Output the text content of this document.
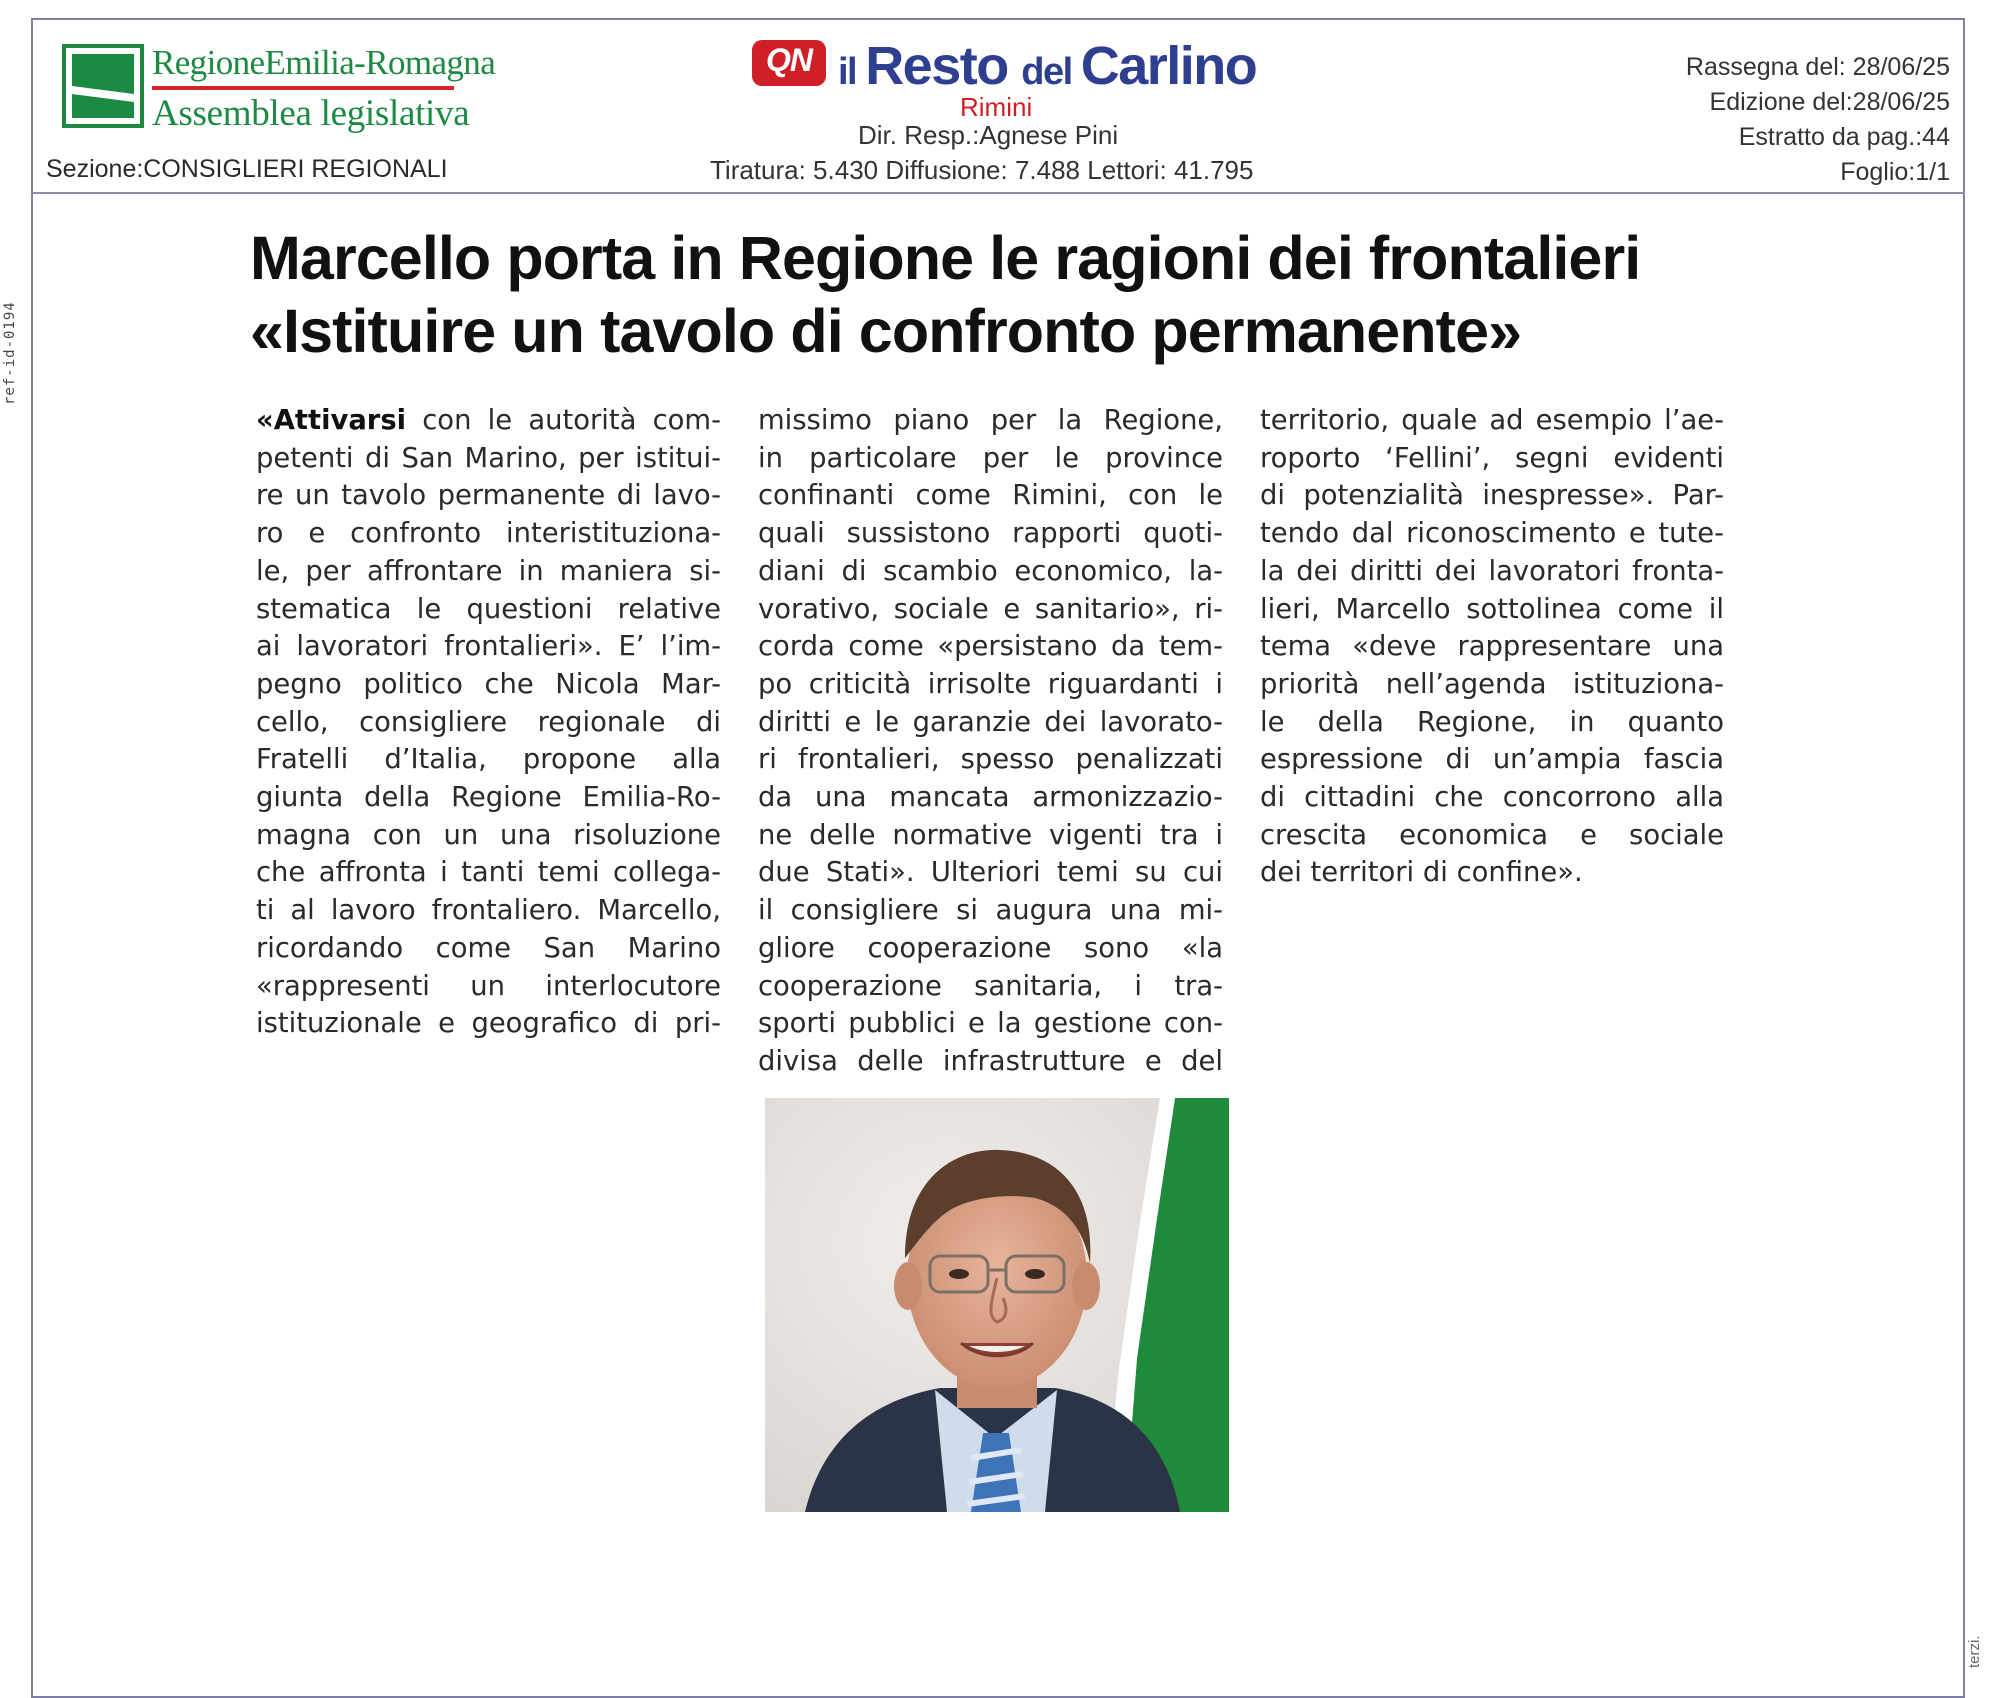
ref-id-0194
terzi.
RegioneEmilia-Romagna
Assemblea legislativa
Sezione:CONSIGLIERI REGIONALI
QN il Resto del Carlino
Rimini
Dir. Resp.:Agnese Pini
Tiratura: 5.430 Diffusione: 7.488 Lettori: 41.795
Rassegna del: 28/06/25
Edizione del:28/06/25
Estratto da pag.:44
Foglio:1/1
Marcello porta in Regione le ragioni dei frontalieri
«Istituire un tavolo di confronto permanente»
«Attivarsi con le autorità com-
petenti di San Marino, per istitui-
re un tavolo permanente di lavo-
ro e confronto interistituziona-
le, per affrontare in maniera si-
stematica le questioni relative
ai lavoratori frontalieri». E’ l’im-
pegno politico che Nicola Mar-
cello, consigliere regionale di
Fratelli d’Italia, propone alla
giunta della Regione Emilia-Ro-
magna con un una risoluzione
che affronta i tanti temi collega-
ti al lavoro frontaliero. Marcello,
ricordando come San Marino
«rappresenti un interlocutore
istituzionale e geografico di pri-
missimo piano per la Regione,
in particolare per le province
confinanti come Rimini, con le
quali sussistono rapporti quoti-
diani di scambio economico, la-
vorativo, sociale e sanitario», ri-
corda come «persistano da tem-
po criticità irrisolte riguardanti i
diritti e le garanzie dei lavorato-
ri frontalieri, spesso penalizzati
da una mancata armonizzazio-
ne delle normative vigenti tra i
due Stati». Ulteriori temi su cui
il consigliere si augura una mi-
gliore cooperazione sono «la
cooperazione sanitaria, i tra-
sporti pubblici e la gestione con-
divisa delle infrastrutture e del
territorio, quale ad esempio l’ae-
roporto ‘Fellini’, segni evidenti
di potenzialità inespresse». Par-
tendo dal riconoscimento e tute-
la dei diritti dei lavoratori fronta-
lieri, Marcello sottolinea come il
tema «deve rappresentare una
priorità nell’agenda istituziona-
le della Regione, in quanto
espressione di un’ampia fascia
di cittadini che concorrono alla
crescita economica e sociale
dei territori di confine».
